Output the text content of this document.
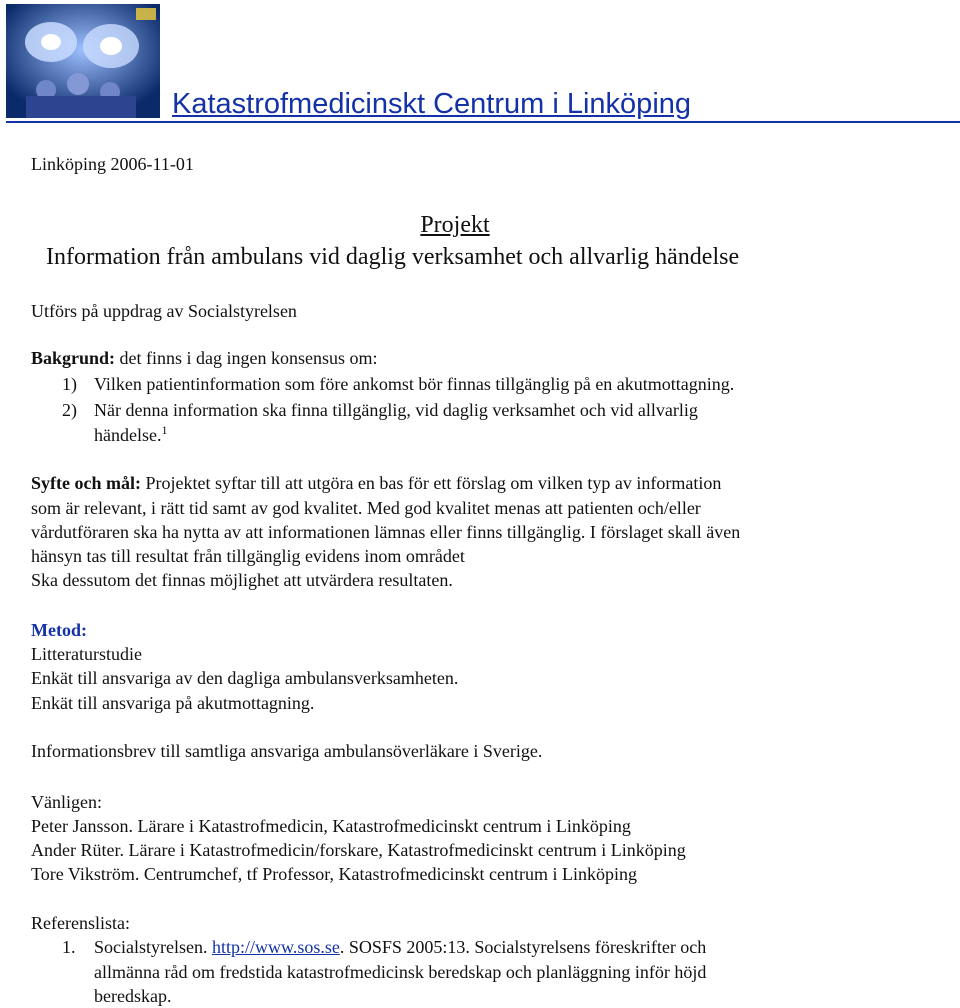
Katastrofmedicinskt Centrum i Linköping
Linköping 2006-11-01
Projekt
Information från ambulans vid daglig verksamhet och allvarlig händelse
Utförs på uppdrag av Socialstyrelsen
Bakgrund: det finns i dag ingen konsensus om:
1) Vilken patientinformation som före ankomst bör finnas tillgänglig på en akutmottagning.
2) När denna information ska finna tillgänglig, vid daglig verksamhet och vid allvarlig
händelse.$^1$
Syfte och mål: Projektet syftar till att utgöra en bas för ett förslag om vilken typ av information
som är relevant, i rätt tid samt av god kvalitet. Med god kvalitet menas att patienten och/eller
vårdutföraren ska ha nytta av att informationen lämnas eller finns tillgänglig. I förslaget skall även
hänsyn tas till resultat från tillgänglig evidens inom området
Ska dessutom det finnas möjlighet att utvärdera resultaten.
Metod:
Litteraturstudie
Enkät till ansvariga av den dagliga ambulansverksamheten.
Enkät till ansvariga på akutmottagning.
Informationsbrev till samtliga ansvariga ambulansöverläkare i Sverige.
Vänligen:
Peter Jansson. Lärare i Katastrofmedicin, Katastrofmedicinskt centrum i Linköping
Ander Rüter. Lärare i Katastrofmedicin/forskare, Katastrofmedicinskt centrum i Linköping
Tore Vikström. Centrumchef, tf Professor, Katastrofmedicinskt centrum i Linköping
Referenslista:
1. Socialstyrelsen. http://www.sos.se. SOSFS 2005:13. Socialstyrelsens föreskrifter och
allmänna råd om fredstida katastrofmedicinsk beredskap och planläggning inför höjd
beredskap.
